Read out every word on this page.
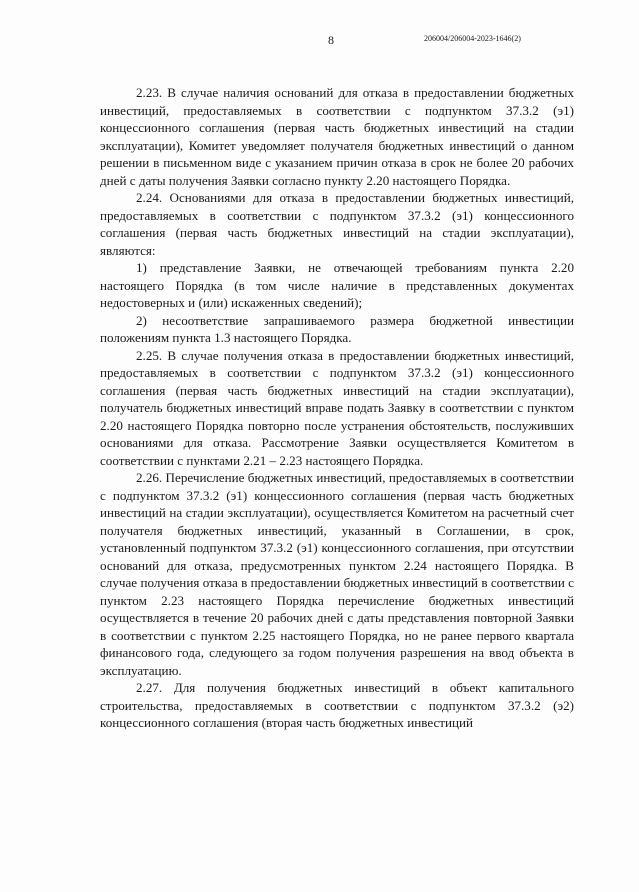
8	206004/206004-2023-1646(2)

2.23. В случае наличия оснований для отказа в предоставлении бюджетных инвестиций, предоставляемых в соответствии с подпунктом 37.3.2 (э1) концессионного соглашения (первая часть бюджетных инвестиций на стадии эксплуатации), Комитет уведомляет получателя бюджетных инвестиций о данном решении в письменном виде с указанием причин отказа в срок не более 20 рабочих дней с даты получения Заявки согласно пункту 2.20 настоящего Порядка.

2.24. Основаниями для отказа в предоставлении бюджетных инвестиций, предоставляемых в соответствии с подпунктом 37.3.2 (э1) концессионного соглашения (первая часть бюджетных инвестиций на стадии эксплуатации), являются:

1) представление Заявки, не отвечающей требованиям пункта 2.20 настоящего Порядка (в том числе наличие в представленных документах недостоверных и (или) искаженных сведений);

2) несоответствие запрашиваемого размера бюджетной инвестиции положениям пункта 1.3 настоящего Порядка.

2.25. В случае получения отказа в предоставлении бюджетных инвестиций, предоставляемых в соответствии с подпунктом 37.3.2 (э1) концессионного соглашения (первая часть бюджетных инвестиций на стадии эксплуатации), получатель бюджетных инвестиций вправе подать Заявку в соответствии с пунктом 2.20 настоящего Порядка повторно после устранения обстоятельств, послуживших основаниями для отказа. Рассмотрение Заявки осуществляется Комитетом в соответствии с пунктами 2.21 – 2.23 настоящего Порядка.

2.26. Перечисление бюджетных инвестиций, предоставляемых в соответствии с подпунктом 37.3.2 (э1) концессионного соглашения (первая часть бюджетных инвестиций на стадии эксплуатации), осуществляется Комитетом на расчетный счет получателя бюджетных инвестиций, указанный в Соглашении, в срок, установленный подпунктом 37.3.2 (э1) концессионного соглашения, при отсутствии оснований для отказа, предусмотренных пунктом 2.24 настоящего Порядка. В случае получения отказа в предоставлении бюджетных инвестиций в соответствии с пунктом 2.23 настоящего Порядка перечисление бюджетных инвестиций осуществляется в течение 20 рабочих дней с даты представления повторной Заявки в соответствии с пунктом 2.25 настоящего Порядка, но не ранее первого квартала финансового года, следующего за годом получения разрешения на ввод объекта в эксплуатацию.

2.27. Для получения бюджетных инвестиций в объект капитального строительства, предоставляемых в соответствии с подпунктом 37.3.2 (э2) концессионного соглашения (вторая часть бюджетных инвестиций
